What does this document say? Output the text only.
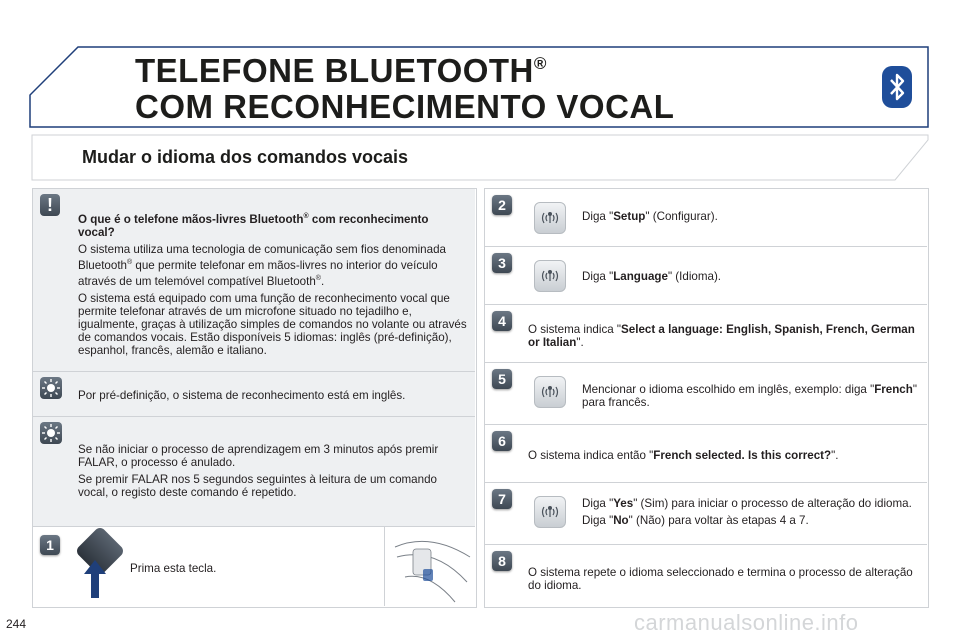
TELEFONE BLUETOOTH®
COM RECONHECIMENTO VOCAL
Mudar o idioma dos comandos vocais
!

O que é o telefone mãos-livres Bluetooth® com reconhecimento vocal?

O sistema utiliza uma tecnologia de comunicação sem fios denominada Bluetooth® que permite telefonar em mãos-livres no interior do veículo através de um telemóvel compatível Bluetooth®.

O sistema está equipado com uma função de reconhecimento vocal que permite telefonar através de um microfone situado no tejadilho e, igualmente, graças à utilização simples de comandos no volante ou através de comandos vocais. Estão disponíveis 5 idiomas: inglês (pré-definição), espanhol, francês, alemão e italiano.

Por pré-definição, o sistema de reconhecimento está em inglês.

Se não iniciar o processo de aprendizagem em 3 minutos após premir FALAR, o processo é anulado.

Se premir FALAR nos 5 segundos seguintes à leitura de um comando vocal, o registo deste comando é repetido.

1
Prima esta tecla.
2

Diga "Setup" (Configurar).

3

Diga "Language" (Idioma).

4

O sistema indica "Select a language: English, Spanish, French, German or Italian".

5

Mencionar o idioma escolhido em inglês, exemplo: diga "French" para francês.

6

O sistema indica então "French selected. Is this correct?".

7	Diga "Yes" (Sim) para iniciar o processo de alteração do idioma.

Diga "No" (Não) para voltar às etapas 4 a 7.

8

O sistema repete o idioma seleccionado e termina o processo de alteração do idioma.

244	carmanualsonline.info
